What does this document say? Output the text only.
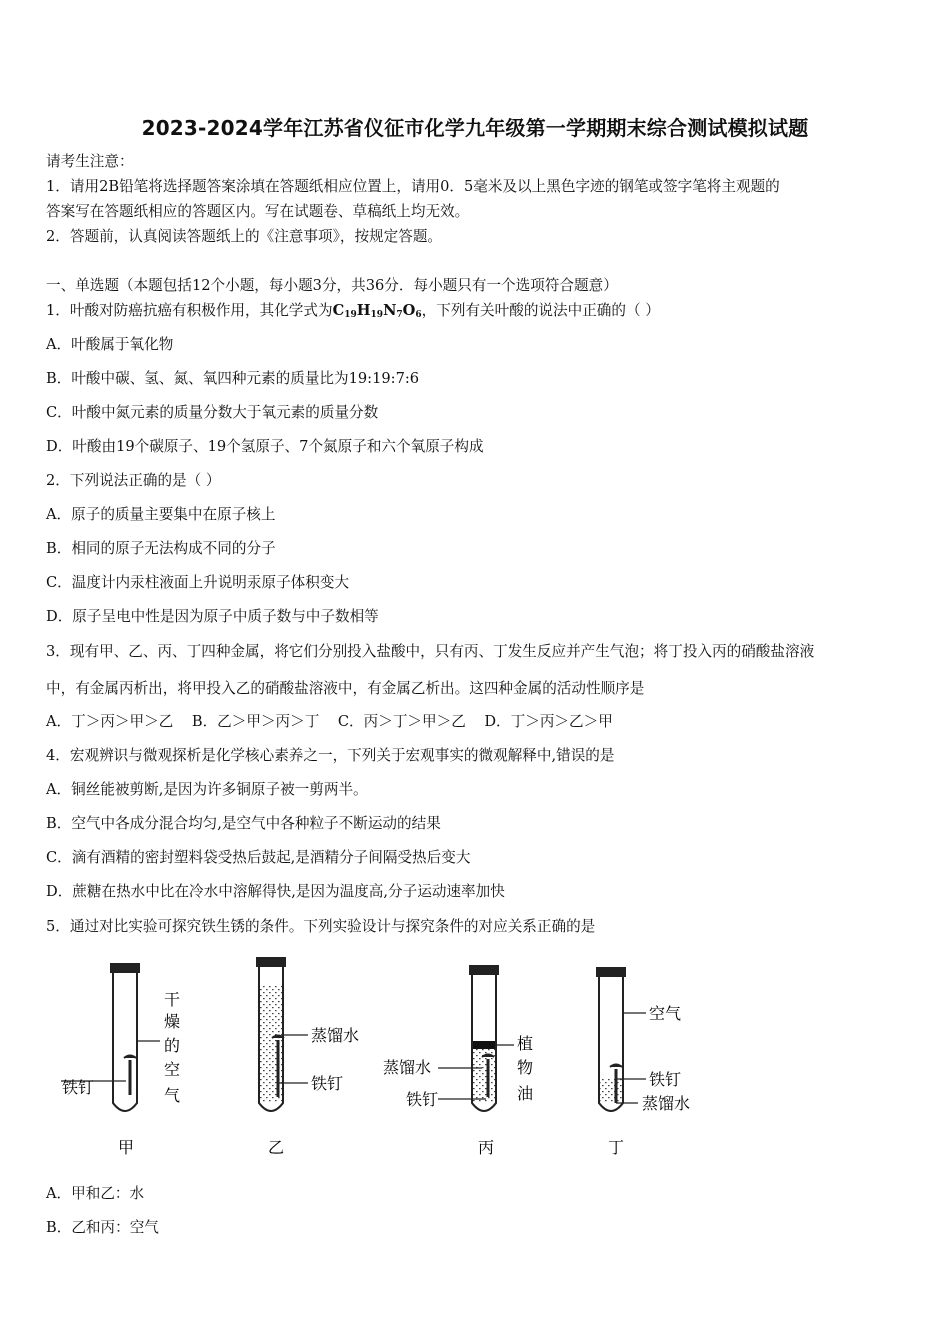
2023-2024学年江苏省仪征市化学九年级第一学期期末综合测试模拟试题
请考生注意：
1．请用2B铅笔将选择题答案涂填在答题纸相应位置上，请用0．5毫米及以上黑色字迹的钢笔或签字笔将主观题的
答案写在答题纸相应的答题区内。写在试题卷、草稿纸上均无效。
2．答题前，认真阅读答题纸上的《注意事项》，按规定答题。
一、单选题（本题包括12个小题，每小题3分，共36分．每小题只有一个选项符合题意）
1．叶酸对防癌抗癌有积极作用，其化学式为$C_{19}H_{19}N_7O_6$，下列有关叶酸的说法中正确的（ ）
A．叶酸属于氧化物
B．叶酸中碳、氢、氮、氧四种元素的质量比为19:19:7:6
C．叶酸中氮元素的质量分数大于氧元素的质量分数
D．叶酸由19个碳原子、19个氢原子、7个氮原子和六个氧原子构成
2．下列说法正确的是（ ）
A．原子的质量主要集中在原子核上
B．相同的原子无法构成不同的分子
C．温度计内汞柱液面上升说明汞原子体积变大
D．原子呈电中性是因为原子中质子数与中子数相等
3．现有甲、乙、丙、丁四种金属，将它们分别投入盐酸中，只有丙、丁发生反应并产生气泡；将丁投入丙的硝酸盐溶液
中，有金属丙析出，将甲投入乙的硝酸盐溶液中，有金属乙析出。这四种金属的活动性顺序是
A．丁＞丙＞甲＞乙    B．乙＞甲＞丙＞丁    C．丙＞丁＞甲＞乙    D．丁＞丙＞乙＞甲
4．宏观辨识与微观探析是化学核心素养之一，下列关于宏观事实的微观解释中,错误的是
A．铜丝能被剪断,是因为许多铜原子被一剪两半。
B．空气中各成分混合均匀,是空气中各种粒子不断运动的结果
C．滴有酒精的密封塑料袋受热后鼓起,是酒精分子间隔受热后变大
D．蔗糖在热水中比在冷水中溶解得快,是因为温度高,分子运动速率加快
5．通过对比实验可探究铁生锈的条件。下列实验设计与探究条件的对应关系正确的是
铁钉
干
燥
的
空
气
甲
蒸馏水
铁钉
乙
蒸馏水
铁钉
植
物
油
丙
空气
铁钉
蒸馏水
丁
A．甲和乙：水
B．乙和丙：空气
